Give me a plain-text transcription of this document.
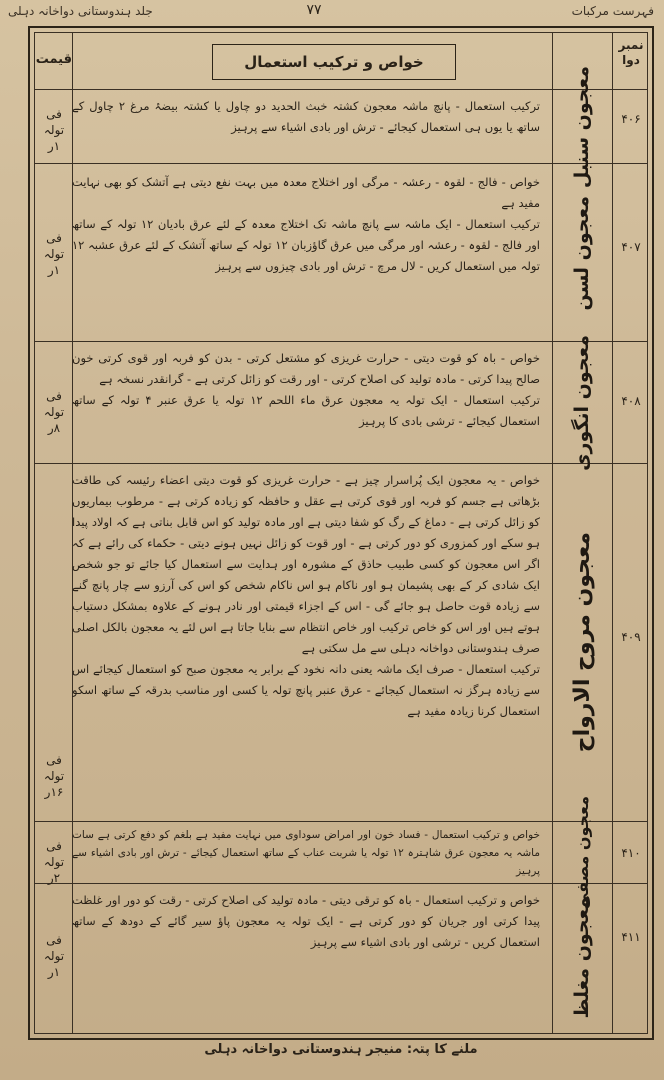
فہرست مرکبات
۷۷
جلد ہندوستانی دواخانہ دہلی
نمبر دوا
خواص و ترکیب استعمال
قیمت
۴۰۶
معجون سنبل
فی تولہ ۱ر

ترکیب استعمال - پانچ ماشہ معجون کشتہ خبث الحدید دو چاول یا کشتہ بیضۂ مرغ ۲ چاول کے ساتھ یا یوں ہی استعمال کیجائے - ترش اور بادی اشیاء سے پرہیز

۴۰۷
معجون لسن
فی تولہ ۱ر

خواص - فالج - لقوہ - رعشہ - مرگی اور اختلاج معدہ میں بہت نفع دیتی ہے آتشک کو بھی نہایت مفید ہے

ترکیب استعمال - ایک ماشہ سے پانچ ماشہ تک اختلاج معدہ کے لئے عرق بادیان ۱۲ تولہ کے ساتھ اور فالج - لقوہ - رعشہ اور مرگی میں عرق گاؤزبان ۱۲ تولہ کے ساتھ آتشک کے لئے عرق عشبہ ۱۲ تولہ میں استعمال کریں - لال مرچ - ترش اور بادی چیزوں سے پرہیز

۴۰۸
معجون انگوری
فی تولہ ۸ر

خواص - باہ کو قوت دیتی - حرارت غریزی کو مشتعل کرتی - بدن کو فربہ اور قوی کرتی خون صالح پیدا کرتی - مادہ تولید کی اصلاح کرتی - اور رقت کو زائل کرتی ہے - گرانقدر نسخہ ہے

ترکیب استعمال - ایک تولہ یہ معجون عرق ماء اللحم ۱۲ تولہ یا عرق عنبر ۴ تولہ کے ساتھ استعمال کیجائے - ترشی بادی کا پرہیز

۴۰۹
معجون مروح الارواح
فی تولہ ۱۶ر

خواص - یہ معجون ایک پُراسرار چیز ہے - حرارت غریزی کو قوت دیتی اعضاء رئیسہ کی طاقت بڑھاتی ہے جسم کو فربہ اور قوی کرتی ہے عقل و حافظہ کو زیادہ کرتی ہے - مرطوب بیماریوں کو زائل کرتی ہے - دماغ کے رگ کو شفا دیتی ہے اور مادہ تولید کو اس قابل بناتی ہے کہ اولاد پیدا ہو سکے اور کمزوری کو دور کرتی ہے - اور قوت کو زائل نہیں ہونے دیتی - حکماء کی رائے ہے کہ اگر اس معجون کو کسی طبیب حاذق کے مشورہ اور ہدایت سے استعمال کیا جائے تو جو شخص ایک شادی کر کے بھی پشیمان ہو اور ناکام ہو اس ناکام شخص کو اس کی آرزو سے چار پانچ گنے سے زیادہ قوت حاصل ہو جائے گی - اس کے اجزاء قیمتی اور نادر ہونے کے علاوہ بمشکل دستیاب ہوتے ہیں اور اس کو خاص ترکیب اور خاص انتظام سے بنایا جاتا ہے اس لئے یہ معجون بالکل اصلی صرف ہندوستانی دواخانہ دہلی سے مل سکتی ہے

ترکیب استعمال - صرف ایک ماشہ یعنی دانہ نخود کے برابر یہ معجون صبح کو استعمال کیجائے اس سے زیادہ ہرگز نہ استعمال کیجائے - عرق عنبر پانچ تولہ یا کسی اور مناسب بدرقہ کے ساتھ اسکو استعمال کرنا زیادہ مفید ہے

۴۱۰
معجون مصفی
فی تولہ ۲ر

خواص و ترکیب استعمال - فساد خون اور امراض سوداوی میں نہایت مفید ہے بلغم کو دفع کرتی ہے سات ماشہ یہ معجون عرق شاہترہ ۱۲ تولہ یا شربت عناب کے ساتھ استعمال کیجائے - ترش اور بادی اشیاء سے پرہیز

۴۱۱
معجون مغلظ
فی تولہ ۱ر

خواص و ترکیب استعمال - باہ کو ترقی دیتی - مادہ تولید کی اصلاح کرتی - رقت کو دور اور غلظت پیدا کرتی اور جریان کو دور کرتی ہے - ایک تولہ یہ معجون پاؤ سیر گائے کے دودھ کے ساتھ استعمال کریں - ترشی اور بادی اشیاء سے پرہیز

ملنے کا پتہ: منیجر ہندوستانی دواخانہ دہلی
